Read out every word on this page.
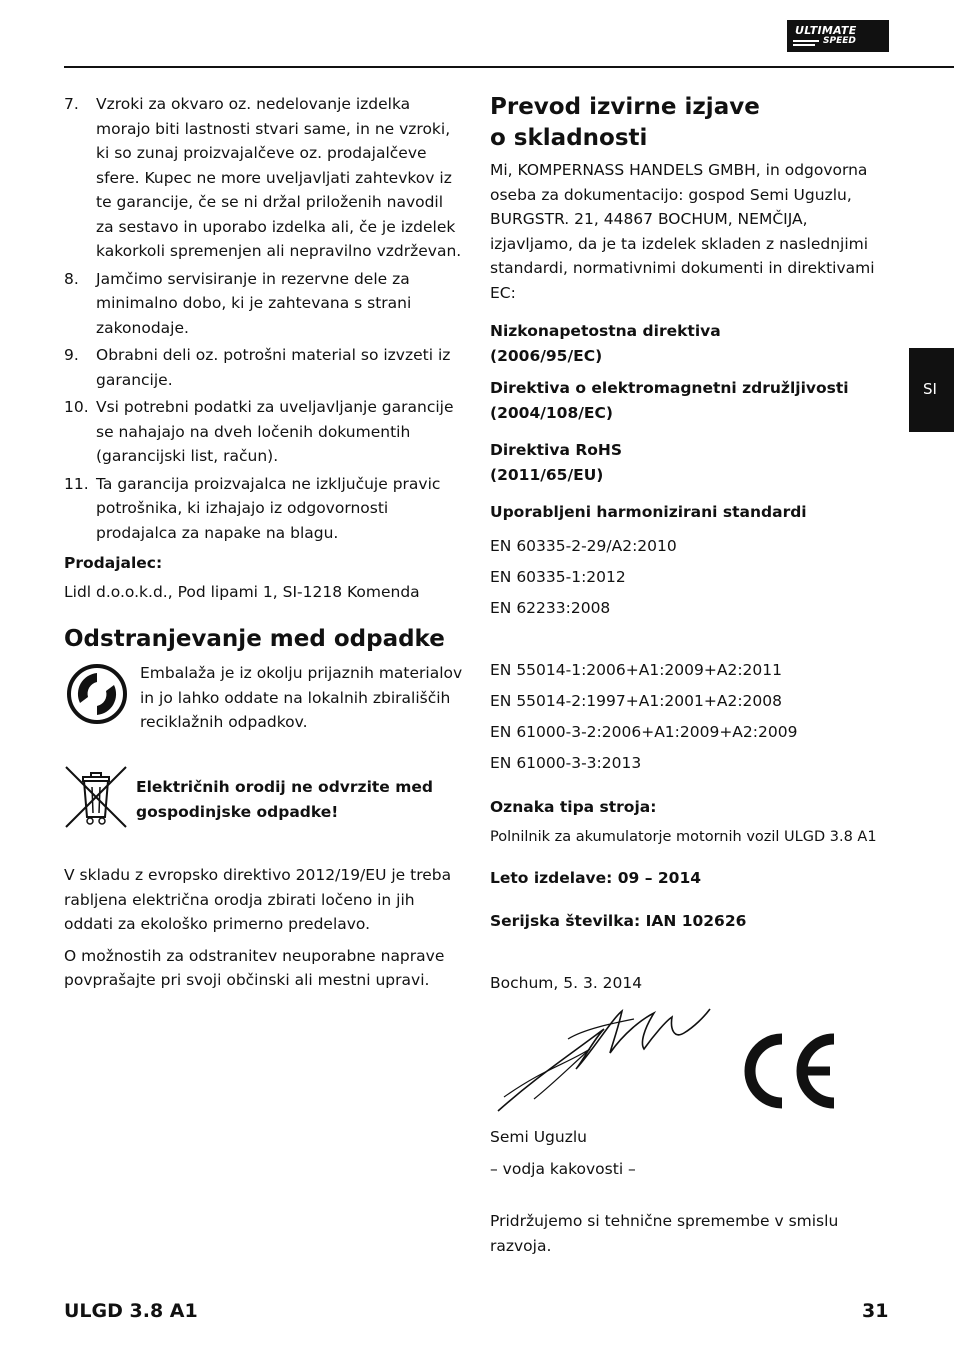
ULTIMATE
SPEED
SI
7. Vzroki za okvaro oz. nedelovanje izdelka morajo biti lastnosti stvari same, in ne vzroki, ki so zunaj proizvajalčeve oz. prodajalčeve sfere. Kupec ne more uveljavljati zahtevkov iz te garancije, če se ni držal priloženih navodil za sestavo in uporabo izdelka ali, če je izdelek kakorkoli spremenjen ali nepravilno vzdrževan.
8. Jamčimo servisiranje in rezervne dele za minimalno dobo, ki je zahtevana s strani zakonodaje.
9. Obrabni deli oz. potrošni material so izvzeti iz garancije.
10. Vsi potrebni podatki za uveljavljanje garancije se nahajajo na dveh ločenih dokumentih (garancijski list, račun).
11. Ta garancija proizvajalca ne izključuje pravic potrošnika, ki izhajajo iz odgovornosti prodajalca za napake na blagu.

Prodajalec:

Lidl d.o.o.k.d., Pod lipami 1, SI-1218 Komenda

Odstranjevanje med odpadke

Embalaža je iz okolju prijaznih materialov in jo lahko oddate na lokalnih zbirališčih reciklažnih odpadkov.

Električnih orodij ne odvrzite med gospodinjske odpadke!

V skladu z evropsko direktivo 2012/19/EU je treba rabljena električna orodja zbirati ločeno in jih oddati za ekološko primerno predelavo.

O možnostih za odstranitev neuporabne naprave povprašajte pri svoji občinski ali mestni upravi.

Prevod izvirne izjave
o skladnosti

Mi, KOMPERNASS HANDELS GMBH, in odgovorna oseba za dokumentacijo: gospod Semi Uguzlu, BURGSTR. 21, 44867 BOCHUM, NEMČIJA, izjavljamo, da je ta izdelek skladen z naslednjimi standardi, normativnimi dokumenti in direktivami EC:

Nizkonapetostna direktiva

(2006/95/EC)

Direktiva o elektromagnetni združljivosti

(2004/108/EC)

Direktiva RoHS

(2011/65/EU)

Uporabljeni harmonizirani standardi

EN 60335-2-29/A2:2010

EN 60335-1:2012

EN 62233:2008

EN 55014-1:2006+A1:2009+A2:2011

EN 55014-2:1997+A1:2001+A2:2008

EN 61000-3-2:2006+A1:2009+A2:2009

EN 61000-3-3:2013

Oznaka tipa stroja:

Polnilnik za akumulatorje motornih vozil ULGD 3.8 A1

Leto izdelave: 09 – 2014

Serijska številka: IAN 102626

Bochum, 5. 3. 2014

Semi Uguzlu

– vodja kakovosti –

Pridržujemo si tehnične spremembe v smislu razvoja.

ULGD 3.8 A1	31
